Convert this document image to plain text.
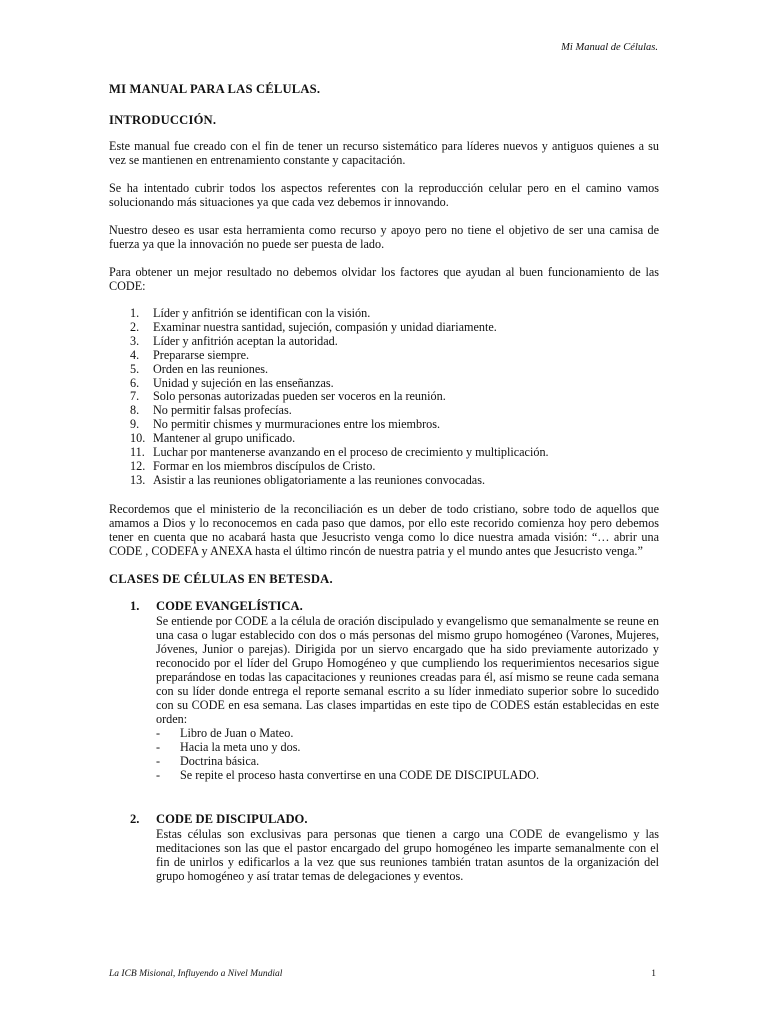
Mi Manual de Células.

MI MANUAL PARA LAS CÉLULAS.

INTRODUCCIÓN.

Este manual fue creado con el fin de tener un recurso sistemático para líderes nuevos y antiguos quienes a su vez se mantienen en entrenamiento constante y capacitación.

Se ha intentado cubrir todos los aspectos referentes con la reproducción celular pero en el camino vamos solucionando más situaciones ya que cada vez debemos ir innovando.

Nuestro deseo es usar esta herramienta como recurso y apoyo pero no tiene el objetivo de ser una camisa de fuerza ya que la innovación no puede ser puesta de lado.

Para obtener un mejor resultado no debemos olvidar los factores que ayudan al buen funcionamiento de las CODE:

1.	Líder y anfitrión se identifican con la visión.
2.	Examinar nuestra santidad, sujeción, compasión y unidad diariamente.
3.	Líder y anfitrión aceptan la autoridad.
4.	Prepararse siempre.
5.	Orden en las reuniones.
6.	Unidad y sujeción en las enseñanzas.
7.	Solo personas autorizadas pueden ser voceros en la reunión.
8.	No permitir falsas profecías.
9.	No permitir chismes y murmuraciones entre los miembros.
10. Mantener al grupo unificado.
11. Luchar por mantenerse avanzando en el proceso de crecimiento y multiplicación.
12. Formar en los miembros discípulos de Cristo.
13. Asistir a las reuniones obligatoriamente a las reuniones convocadas.

Recordemos que el ministerio de la reconciliación es un deber de todo cristiano, sobre todo de aquellos que amamos a Dios y lo reconocemos en cada paso que damos, por ello este recorido comienza hoy pero debemos tener en cuenta que no acabará hasta que Jesucristo venga como lo dice nuestra amada visión: “… abrir una CODE , CODEFA y ANEXA hasta el último rincón de nuestra patria y el mundo antes que Jesucristo venga.”

CLASES DE CÉLULAS EN BETESDA.

1.	CODE EVANGELÍSTICA.

Se entiende por CODE a la célula de oración discipulado y evangelismo que semanalmente se reune en una casa o lugar establecido con dos o más personas del mismo grupo homogéneo (Varones, Mujeres, Jóvenes, Junior o parejas). Dirigida por un siervo encargado que ha sido previamente autorizado y reconocido por el líder del Grupo Homogéneo y que cumpliendo los requerimientos necesarios sigue preparándose en todas las capacitaciones y reuniones creadas para él, así mismo se reune cada semana con su líder donde entrega el reporte semanal escrito a su líder inmediato superior sobre lo sucedido con su CODE en esa semana. Las clases impartidas en este tipo de CODES están establecidas en este orden:

-	Libro de Juan o Mateo.
-	Hacia la meta uno y dos.
-	Doctrina básica.
-	Se repite el proceso hasta convertirse en una CODE DE DISCIPULADO.

2.	CODE DE DISCIPULADO.

Estas células son exclusivas para personas que tienen a cargo una CODE de evangelismo y las meditaciones son las que el pastor encargado del grupo homogéneo les imparte semanalmente con el fin de unirlos y edificarlos a la vez que sus reuniones también tratan asuntos de la organización del grupo homogéneo y así tratar temas de delegaciones y eventos.

La ICB Misional, Influyendo a Nivel Mundial	1
